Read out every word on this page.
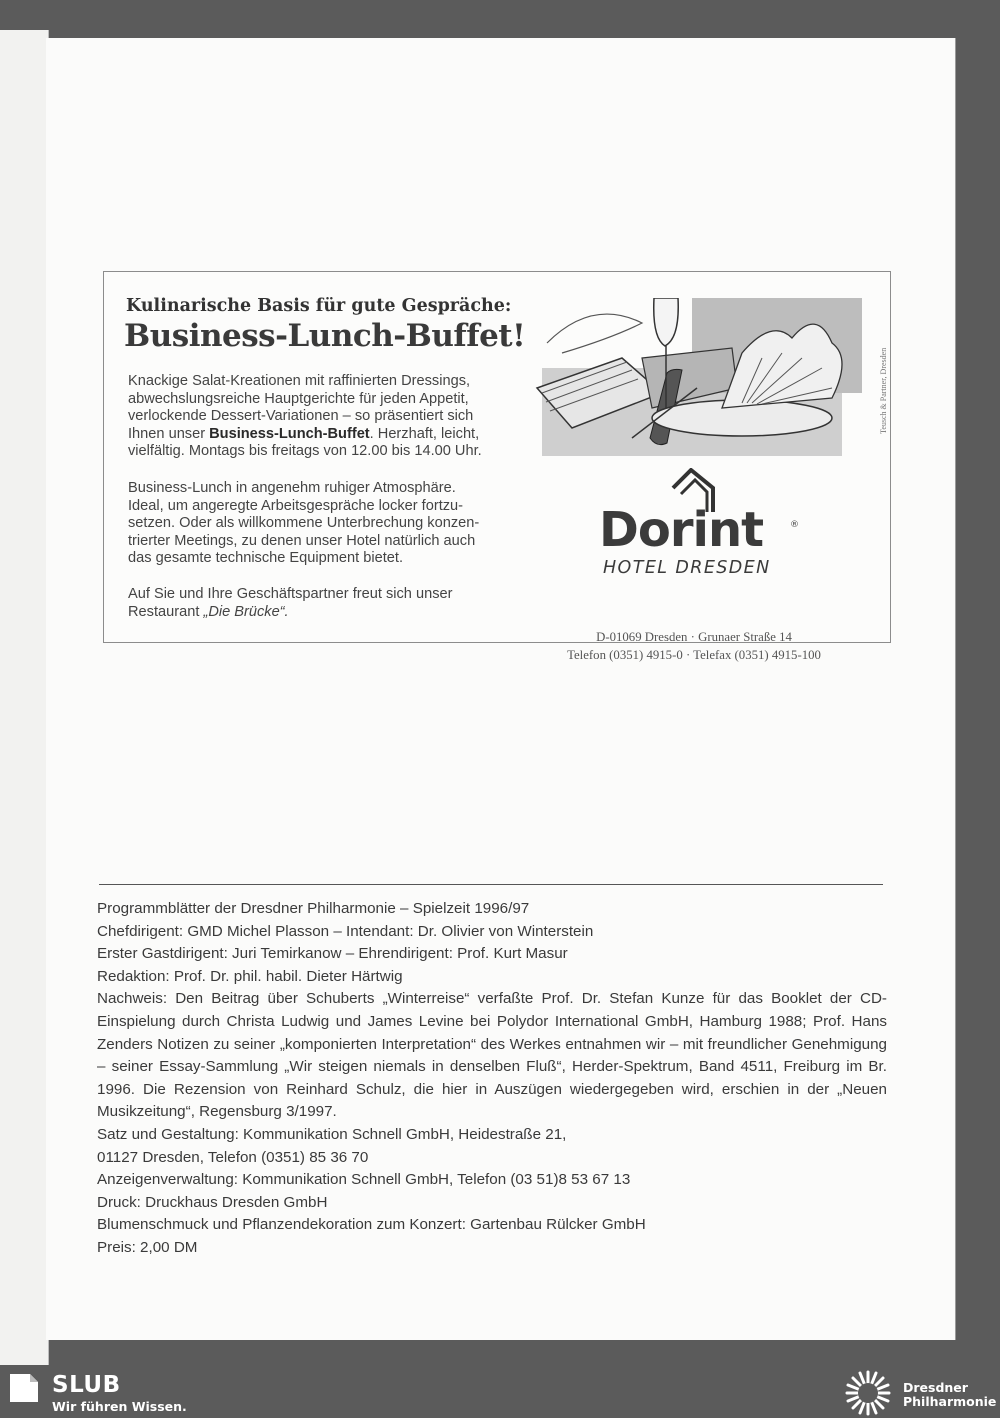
Kulinarische Basis für gute Gespräche:

Business-Lunch-Buffet!
Knackige Salat-Kreationen mit raffinierten Dressings,
abwechslungsreiche Hauptgerichte für jeden Appetit,
verlockende Dessert-Variationen – so präsentiert sich
Ihnen unser Business-Lunch-Buffet. Herzhaft, leicht,
vielfältig. Montags bis freitags von 12.00 bis 14.00 Uhr.
Business-Lunch in angenehm ruhiger Atmosphäre.
Ideal, um angeregte Arbeitsgespräche locker fortzu-
setzen. Oder als willkommene Unterbrechung konzen-
trierter Meetings, zu denen unser Hotel natürlich auch
das gesamte technische Equipment bietet.
Auf Sie und Ihre Geschäftspartner freut sich unser
Restaurant „Die Brücke“.
Teusch & Partner, Dresden

Dorint	®

HOTEL DRESDEN

D-01069 Dresden · Grunaer Straße 14

Telefon (0351) 4915-0 · Telefax (0351) 4915-100

Programmblätter der Dresdner Philharmonie – Spielzeit 1996/97

Chefdirigent: GMD Michel Plasson – Intendant: Dr. Olivier von Winterstein

Erster Gastdirigent: Juri Temirkanow – Ehrendirigent: Prof. Kurt Masur

Redaktion: Prof. Dr. phil. habil. Dieter Härtwig

Nachweis: Den Beitrag über Schuberts „Winterreise“ verfaßte Prof. Dr. Stefan Kunze für das Booklet der CD-Einspielung durch Christa Ludwig und James Levine bei Polydor International GmbH, Hamburg 1988; Prof. Hans Zenders Notizen zu seiner „komponierten Interpretation“ des Werkes entnahmen wir – mit freundlicher Genehmigung – seiner Essay-Sammlung „Wir steigen niemals in denselben Fluß“, Herder-Spektrum, Band 4511, Freiburg im Br. 1996. Die Rezension von Reinhard Schulz, die hier in Auszügen wiedergegeben wird, erschien in der „Neuen Musikzeitung“, Regensburg 3/1997.

Satz und Gestaltung: Kommunikation Schnell GmbH, Heidestraße 21,

01127 Dresden, Telefon (0351) 85 36 70

Anzeigenverwaltung: Kommunikation Schnell GmbH, Telefon (03 51)8 53 67 13

Druck: Druckhaus Dresden GmbH

Blumenschmuck und Pflanzendekoration zum Konzert: Gartenbau Rülcker GmbH

Preis: 2,00 DM

SLUB

Wir führen Wissen.

Dresdner

Philharmonie
